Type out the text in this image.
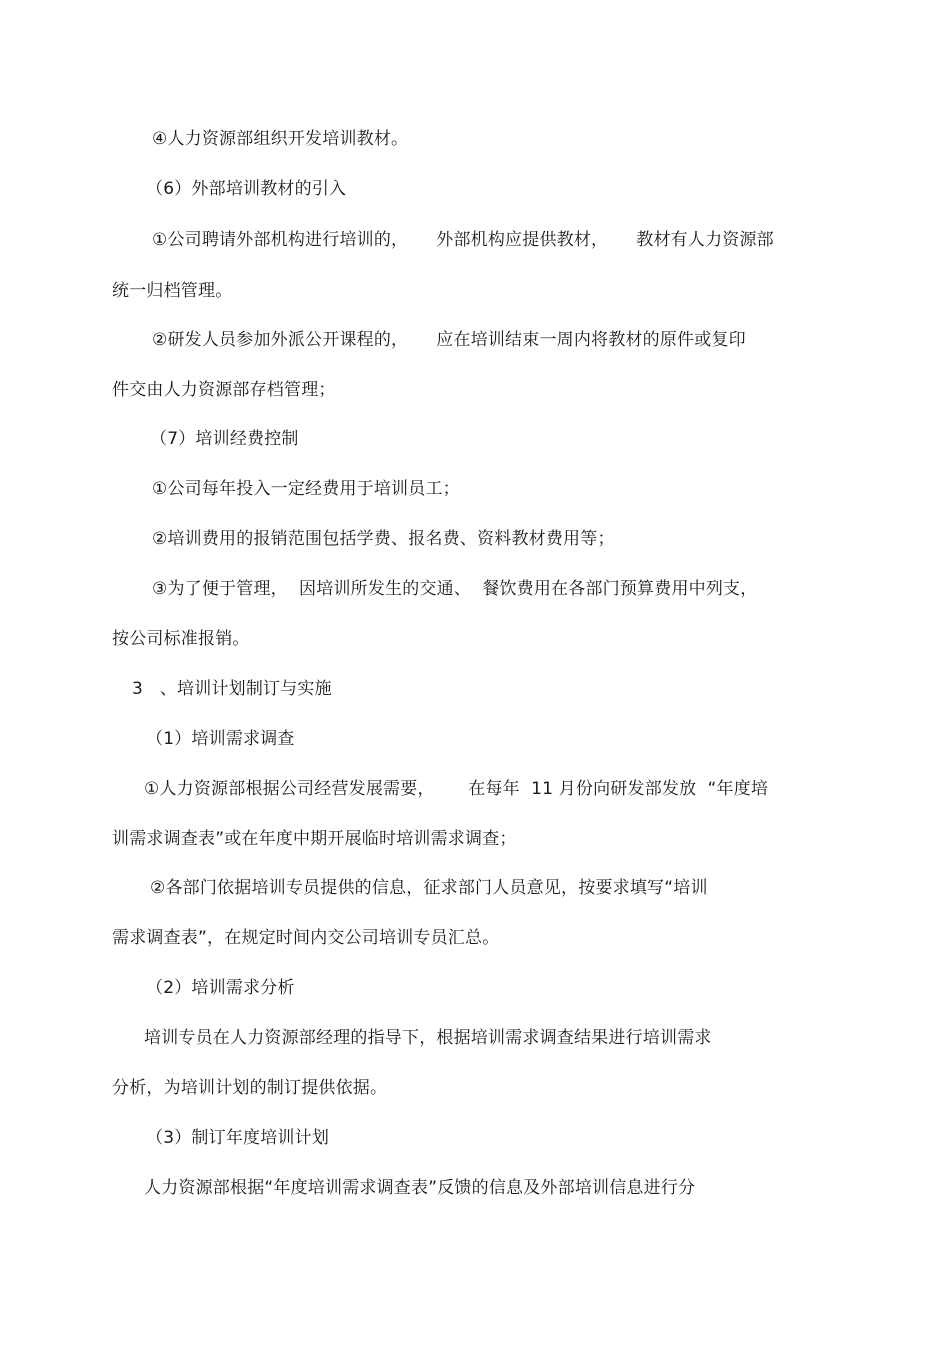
④人力资源部组织开发培训教材。
（6）外部培训教材的引入
①公司聘请外部机构进行培训的，     外部机构应提供教材，     教材有人力资源部
统一归档管理。
②研发人员参加外派公开课程的，     应在培训结束一周内将教材的原件或复印
件交由人力资源部存档管理；
（7）培训经费控制
①公司每年投入一定经费用于培训员工；
②培训费用的报销范围包括学费、报名费、资料教材费用等；
③为了便于管理，  因培训所发生的交通、  餐饮费用在各部门预算费用中列支，
按公司标准报销。
3   、培训计划制订与实施
（1）培训需求调查
①人力资源部根据公司经营发展需要，      在每年  11 月份向研发部发放  “年度培
训需求调查表”或在年度中期开展临时培训需求调查；
②各部门依据培训专员提供的信息，征求部门人员意见，按要求填写“培训
需求调查表”，在规定时间内交公司培训专员汇总。
（2）培训需求分析
培训专员在人力资源部经理的指导下，根据培训需求调查结果进行培训需求
分析，为培训计划的制订提供依据。
（3）制订年度培训计划
人力资源部根据“年度培训需求调查表”反馈的信息及外部培训信息进行分
